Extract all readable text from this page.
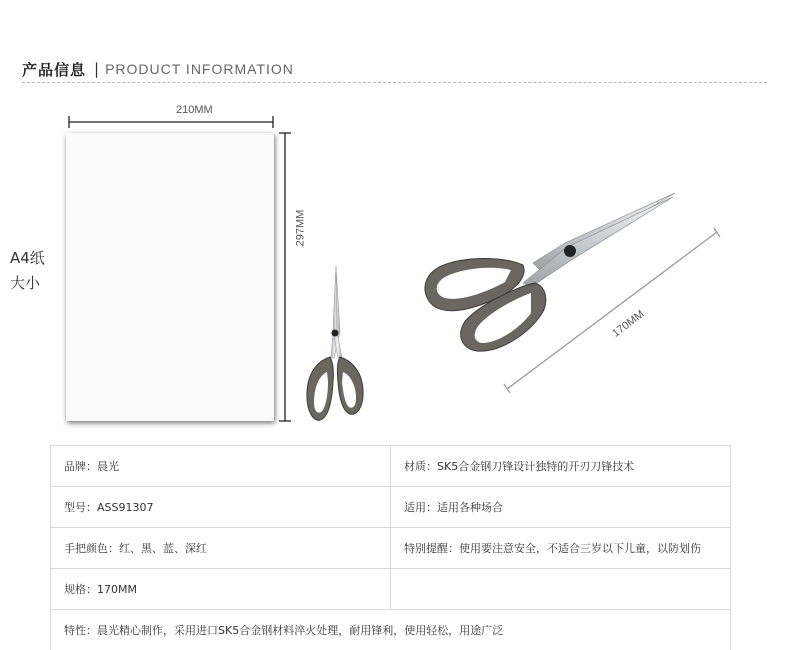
产品信息 | PRODUCT INFORMATION
210MM
297MM
A4纸
大小
170MM
品牌：晨光	材质：SK5合金钢刀锋设计独特的开刃刀锋技术
型号：ASS91307	适用：适用各种场合
手把颜色：红、黑、蓝、深红	特别提醒：使用要注意安全，不适合三岁以下儿童，以防划伤
规格：170MM	
特性：晨光精心制作，采用进口SK5合金钢材料淬火处理，耐用锋利，使用轻松，用途广泛	
